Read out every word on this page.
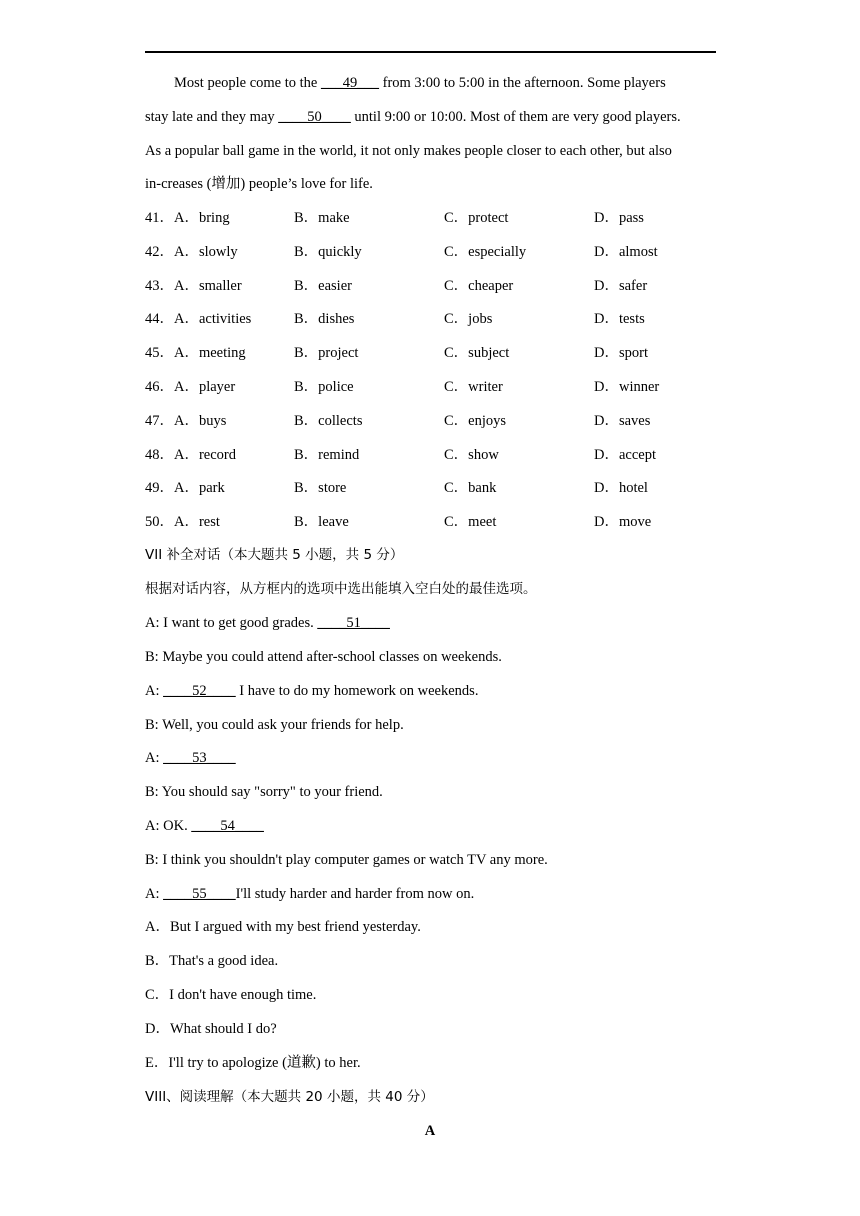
Most people come to the ___49___ from 3:00 to 5:00 in the afternoon. Some players
stay late and they may ____50____ until 9:00 or 10:00. Most of them are very good players.
As a popular ball game in the world, it not only makes people closer to each other, but also
in-creases (增加) people’s love for life.
41． A．bring	B．make	C．protect	D．pass
42． A．slowly	B．quickly	C．especially	D．almost
43． A．smaller	B．easier	C．cheaper	D．safer
44． A．activities	B．dishes	C．jobs	D．tests
45． A．meeting	B．project	C．subject	D．sport
46． A．player	B．police	C．writer	D．winner
47． A．buys	B．collects	C．enjoys	D．saves
48． A．record	B．remind	C．show	D．accept
49． A．park	B．store	C．bank	D．hotel
50． A．rest	B．leave	C．meet	D．move
VII 补全对话（本大题共 5 小题，共 5 分）
根据对话内容，从方框内的选项中选出能填入空白处的最佳选项。
A: I want to get good grades. ____51____
B: Maybe you could attend after-school classes on weekends.
A: ____52____ I have to do my homework on weekends.
B: Well, you could ask your friends for help.
A: ____53____
B: You should say "sorry" to your friend.
A: OK. ____54____
B: I think you shouldn't play computer games or watch TV any more.
A: ____55____I'll study harder and harder from now on.
A．But I argued with my best friend yesterday.
B．That's a good idea.
C．I don't have enough time.
D．What should I do?
E．I'll try to apologize (道歉) to her.
VIII、阅读理解（本大题共 20 小题，共 40 分）
A
